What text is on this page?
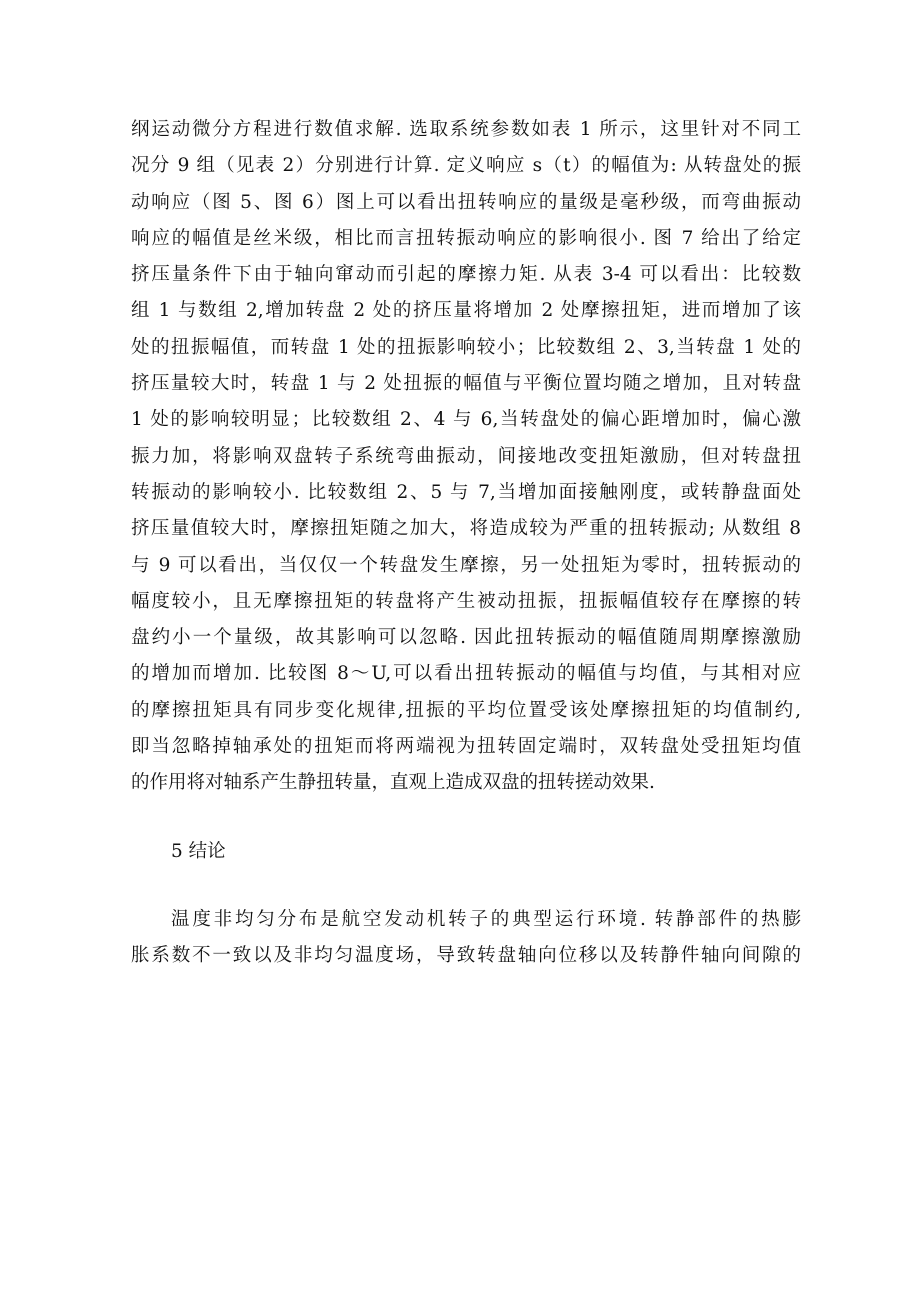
纲运动微分方程进行数值求解. 选取系统参数如表 1 所示，这里针对不同工
况分 9 组（见表 2）分别进行计算. 定义响应 s（t）的幅值为: 从转盘处的振
动响应（图 5、图 6）图上可以看出扭转响应的量级是毫秒级，而弯曲振动
响应的幅值是丝米级，相比而言扭转振动响应的影响很小. 图 7 给出了给定
挤压量条件下由于轴向窜动而引起的摩擦力矩. 从表 3-4 可以看出：比较数
组 1 与数组 2,增加转盘 2 处的挤压量将增加 2 处摩擦扭矩，进而增加了该
处的扭振幅值，而转盘 1 处的扭振影响较小；比较数组 2、3,当转盘 1 处的
挤压量较大时，转盘 1 与 2 处扭振的幅值与平衡位置均随之增加，且对转盘
1 处的影响较明显；比较数组 2、4 与 6,当转盘处的偏心距增加时，偏心激
振力加，将影响双盘转子系统弯曲振动，间接地改变扭矩激励，但对转盘扭
转振动的影响较小. 比较数组 2、5 与 7,当增加面接触刚度，或转静盘面处
挤压量值较大时，摩擦扭矩随之加大，将造成较为严重的扭转振动; 从数组 8
与 9 可以看出，当仅仅一个转盘发生摩擦，另一处扭矩为零时，扭转振动的
幅度较小，且无摩擦扭矩的转盘将产生被动扭振，扭振幅值较存在摩擦的转
盘约小一个量级，故其影响可以忽略. 因此扭转振动的幅值随周期摩擦激励
的增加而增加. 比较图 8～U,可以看出扭转振动的幅值与均值，与其相对应
的摩擦扭矩具有同步变化规律,扭振的平均位置受该处摩擦扭矩的均值制约,
即当忽略掉轴承处的扭矩而将两端视为扭转固定端时，双转盘处受扭矩均值
的作用将对轴系产生静扭转量，直观上造成双盘的扭转搓动效果.
5 结论
温度非均匀分布是航空发动机转子的典型运行环境. 转静部件的热膨
胀系数不一致以及非均匀温度场，导致转盘轴向位移以及转静件轴向间隙的
